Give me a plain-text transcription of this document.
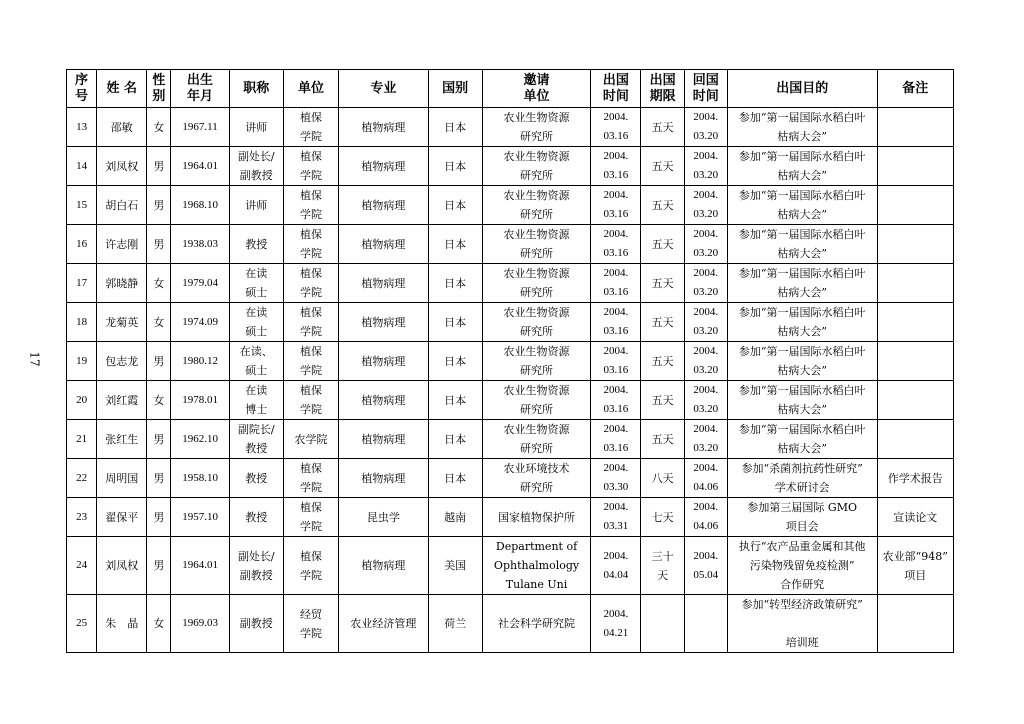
17
序
号	姓 名	性
别	出生
年月	职称	单位	专业	国别	邀请
单位	出国
时间	出国
期限	回国
时间	出国目的	备注

13	邵敏	女	1967.11	讲师	植保
学院	植物病理	日本	农业生物资源
研究所	2004.
03.16	五天	2004.
03.20	参加“第一届国际水稻白叶
枯病大会”	

14	刘凤权	男	1964.01	副处长/
副教授	植保
学院	植物病理	日本	农业生物资源
研究所	2004.
03.16	五天	2004.
03.20	参加“第一届国际水稻白叶
枯病大会”	

15	胡白石	男	1968.10	讲师	植保
学院	植物病理	日本	农业生物资源
研究所	2004.
03.16	五天	2004.
03.20	参加“第一届国际水稻白叶
枯病大会”	

16	许志刚	男	1938.03	教授	植保
学院	植物病理	日本	农业生物资源
研究所	2004.
03.16	五天	2004.
03.20	参加“第一届国际水稻白叶
枯病大会”	

17	郭晓静	女	1979.04	在读
硕士	植保
学院	植物病理	日本	农业生物资源
研究所	2004.
03.16	五天	2004.
03.20	参加“第一届国际水稻白叶
枯病大会”	

18	龙菊英	女	1974.09	在读
硕士	植保
学院	植物病理	日本	农业生物资源
研究所	2004.
03.16	五天	2004.
03.20	参加“第一届国际水稻白叶
枯病大会”	

19	包志龙	男	1980.12	在读、
硕士	植保
学院	植物病理	日本	农业生物资源
研究所	2004.
03.16	五天	2004.
03.20	参加“第一届国际水稻白叶
枯病大会”	

20	刘红霞	女	1978.01	在读
博士	植保
学院	植物病理	日本	农业生物资源
研究所	2004.
03.16	五天	2004.
03.20	参加“第一届国际水稻白叶
枯病大会”	

21	张红生	男	1962.10	副院长/
教授	农学院	植物病理	日本	农业生物资源
研究所	2004.
03.16	五天	2004.
03.20	参加“第一届国际水稻白叶
枯病大会”	

22	周明国	男	1958.10	教授	植保
学院	植物病理	日本	农业环境技术
研究所	2004.
03.30	八天	2004.
04.06	参加“杀菌剂抗药性研究”
学术研讨会	作学术报告

23	翟保平	男	1957.10	教授	植保
学院	昆虫学	越南	国家植物保护所	2004.
03.31	七天	2004.
04.06	参加第三届国际 GMO
项目会	宣读论文

24	刘凤权	男	1964.01	副处长/
副教授	植保
学院	植物病理	美国	Department of
Ophthalmology
Tulane Uni	2004.
04.04	三十
天	2004.
05.04	执行“农产品重金属和其他
污染物残留免疫检测”
合作研究	农业部“948”
项目

25	朱　晶	女	1969.03	副教授	经贸
学院	农业经济管理	荷兰	社会科学研究院	2004.
04.21			参加“转型经济政策研究”

培训班	
